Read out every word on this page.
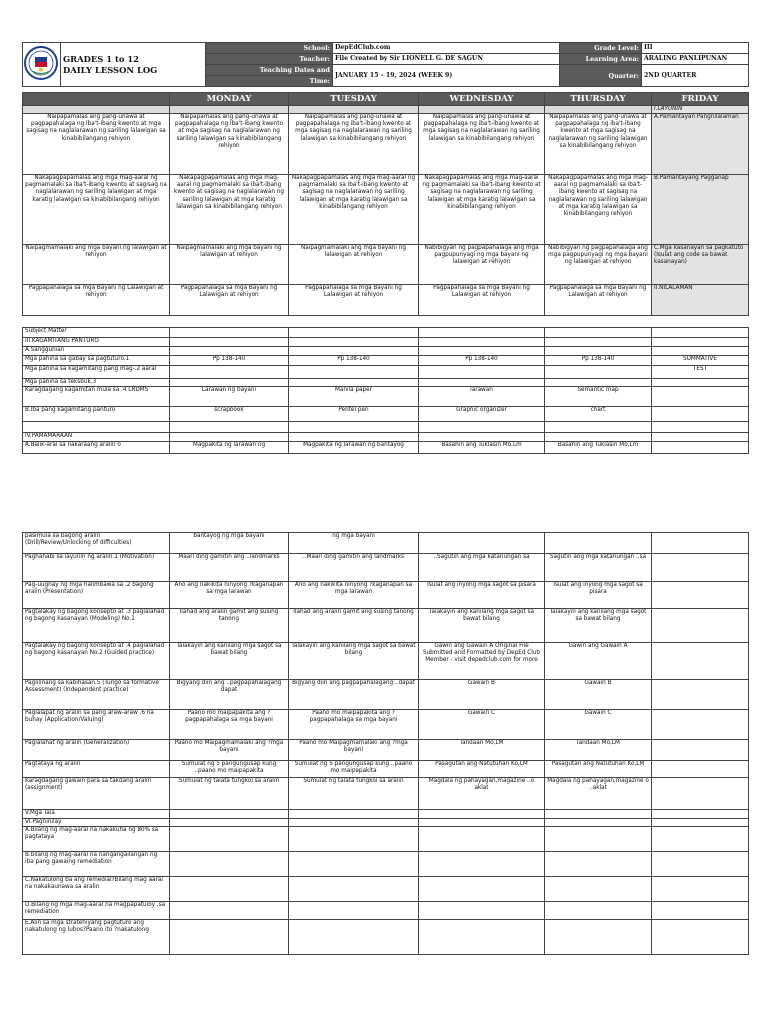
GRADES 1 to 12
DAILY LESSON LOG	School:	DepEdClub.com	Grade Level:	III
		Teacher:	File Created by Sir LIONELL G. DE SAGUN	Learning Area:	ARALING PANLIPUNAN
		Teaching Dates and	JANUARY 15 – 19, 2024 (WEEK 9)	Quarter:	2ND QUARTER
		Time:			
	MONDAY	TUESDAY	WEDNESDAY	THURSDAY	FRIDAY
					I.LAYUNIN
Naipapamalas ang pang-unawa at pagpapahalaga ng iba't-ibang kwento at mga sagisag na naglalarawan ng sariling lalawigan sa kinabibilangang rehiyon	Naipapamalas ang pang-unawa at pagpapahalaga ng iba't-ibang kwento at mga sagisag na naglalarawan ng sariling lalawigan sa kinabibilangang rehiyon	Naipapamalas ang pang-unawa at pagpapahalaga ng iba't-ibang kwento at mga sagisag na naglalarawan ng sariling lalawigan sa kinabibilangang rehiyon	Naipapamalas ang pang-unawa at pagpapahalaga ng iba't-ibang kwento at mga sagisag na naglalarawan ng sariling lalawigan sa kinabibilangang rehiyon	Naipapamalas ang pang-unawa at pagpapahalaga ng iba't-ibang kwento at mga sagisag na naglalarawan ng sariling lalawigan sa kinabibilangang rehiyon	A.Pamantayan Pangnilalaman
Nakapagpapamalas ang mga mag-aaral ng pagmamalaki sa iba't-ibang kwento at sagisag na naglalarawan ng sariling lalawigan at mga karatig lalawigan sa kinabibilangang rehiyon	Nakapagpapamalas ang mga mag-aaral ng pagmamalaki sa iba't-ibang kwento at sagisag na naglalarawan ng sariling lalawigan at mga karatig lalawigan sa kinabibilangang rehiyon	Nakapagpapamalas ang mga mag-aaral ng pagmamalaki sa iba't-ibang kwento at sagisag na naglalarawan ng sariling lalawigan at mga karatig lalawigan sa kinabibilangang rehiyon	Nakapagpapamalas ang mga mag-aaral ng pagmamalaki sa iba't-ibang kwento at sagisag na naglalarawan ng sariling lalawigan at mga karatig lalawigan sa kinabibilangang rehiyon	Nakapagpapamalas ang mga mag-aaral ng pagmamalaki sa iba't-ibang kwento at sagisag na naglalarawan ng sariling lalawigan at mga karatig lalawigan sa kinabibilangang rehiyon	B.Pamantayang Pagganap
Naipagmamalaki ang mga bayani ng lalawigan at rehiyon	Naipagmamalaki ang mga bayani ng lalawigan at rehiyon	Naipagmamalaki ang mga bayani ng lalawigan at rehiyon	Nabibigyan ng pagpapahalaga ang mga pagpupunyagi ng mga bayani ng lalawigan at rehiyon	Nabibigyan ng pagpapahalaga ang mga pagpupunyagi ng mga bayani ng lalawigan at rehiyon	C.Mga kasanayan sa pagkatuto (Isulat ang code sa bawat kasanayan)
Pagpapahalaga sa mga Bayani ng Lalawigan at rehiyon	Pagpapahalaga sa mga Bayani ng Lalawigan at rehiyon	Pagpapahalaga sa mga Bayani ng Lalawigan at rehiyon	Pagpapahalaga sa mga Bayani ng Lalawigan at rehiyon	Pagpapahalaga sa mga Bayani ng Lalawigan at rehiyon	II.NILALAMAN
Subject Matter					
III.KAGAMITANG PANTURO					
A.Sanggunian					
Mga pahina sa gabay sa pagtuturo.1	Pp 138-140	Pp 138-140	Pp 138-140	Pp 138-140	SUMMATIVE
Mga pahina sa kagamitang pang mag-.2 aaral					TEST
Mga pahina sa teksbuk.3					
Karagdagang kagamitan mula sa .4 LRDMS	Larawan ng bayani	Manila paper	larawan	Semantic map	
B.Iba pang kagamitang panturo	scrapbook	Pentel pen	Graphic organizer	chart	

IV.PAMAMARAAN					
A.Balik-aral sa nakaraang aralin o	Magpakita ng larawan ng	Magpakita ng larawan ng bantayog	Basahin ang Tuklasin Mo,Lm	Basahin ang Tuklasin Mo,Lm	
pasimula sa bagong aralin (Drill/Review/Unlocking of difficulties)	bantayog ng mga bayani	ng mga bayani			
Paghahabi sa layunin ng aralin.1 (Motivation)	Maari ding gamitin ang ..landmarks	..Maari ding gamitin ang landmarks	..Sagutin ang mga katanungan sa	Sagutin ang mga katanungan ..sa	
Pag-uugnay ng mga halimbawa sa .2 bagong aralin (Presentation)	Ano ang nakikita ninyong ?kaganapan sa mga larawan	Ano ang nakikita ninyong ?kaganapan sa mga larawan	Isulat ang inyong mga sagot sa pisara	Isulat ang inyong mga sagot sa pisara	
Pagtalakay ng bagong konsepto at .3 paglalahad ng bagong kasanayan (Modeling) No.1	Ilahad ang aralin gamit ang susing tanong	Ilahad ang aralin gamit ang susing tanong	Talakayin ang kanilang mga sagot sa bawat bilang	Talakayin ang kanilang mga sagot sa bawat bilang	
Pagtalakay ng bagong konsepto at .4 paglalahad ng bagong kasanayan No.2 (Guided practice)	Talakayin ang kanilang mga sagot sa bawat bilang	Talakayin ang kanilang mga sagot sa bawat bilang	Gawin ang Gawain A Original File Submitted and Formatted by DepEd Club Member - visit depedclub.com for more	Gawin ang Gawain A	
Paglilinang sa kabihasan.5 (Tungo sa formative Assessment) (Independent practice)	Bigyang diin ang ..pagpapahalagang dapat	Bigyang diin ang pagpapahalagang ..dapat	Gawain B	Gawain B	
Paglalapat ng aralin sa pang araw-araw .6 na buhay (Application/Valuing)	Paano mo maipapakita ang ?pagpapahalaga sa mga bayani	Paano mo maipapakita ang ?pagpapahalaga sa mga bayani	Gawain C	Gawain C	
Paglalahat ng aralin (Generalization)	Paano mo Maipagmamalaki ang ?mga bayani	Paano mo Maipagmamalaki ang ?mga bayani	Tandaan Mo,LM	Tandaan Mo,LM	
Pagtataya ng aralin	Sumulat ng 5 pangungusap kung ..paano mo maipapakita	Sumulat ng 5 pangungusap kung ..paano mo maipapakita	Pasagutan ang Natutuhan Ko,LM	Pasagutan ang Natutuhan Ko,LM	
Karagdagang gawain para sa takdang aralin (assignment)	Sumulat ng talata tungkol sa aralin	Sumulat ng talata tungkol sa aralin	Magdala ng pahayagan,magazine ..o aklat	Magdala ng pahayagan,magazine o ..aklat	
V.Mga Tala					
VI.Pagninilay					
A.Bilang ng mag-aaral na nakakuha ng 80% sa pagtataya					
B.bilang ng mag-aaral na nangangailangan ng iba pang gawaing remediation					
C.Nakatulong ba ang remedial?Bilang mag aaral na nakakaunawa sa aralin					
D.Bilang ng mga mag-aaral na magpapatuloy .sa remediation					
E.Alin sa mga stratehiyang pagtuturo ang nakatulong ng lubos?Paano ito ?nakatulong					
